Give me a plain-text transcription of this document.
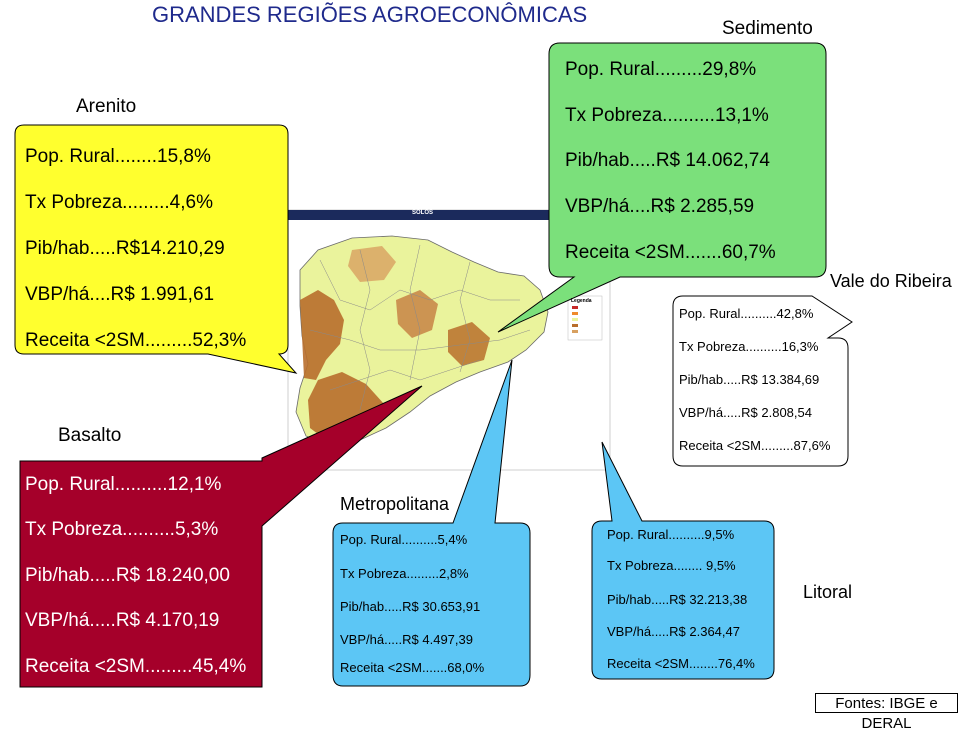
GRANDES REGIÕES AGROECONÔMICAS
SOLOS
Legenda
Arenito
Pop. Rural........15,8%
Tx Pobreza.........4,6%
Pib/hab.....R$14.210,29
VBP/há....R$ 1.991,61
Receita <2SM.........52,3%
Sedimento
Pop. Rural.........29,8%
Tx Pobreza..........13,1%
Pib/hab.....R$ 14.062,74
VBP/há....R$ 2.285,59
Receita <2SM.......60,7%
Vale do Ribeira
Pop. Rural..........42,8%
Tx Pobreza..........16,3%
Pib/hab.....R$ 13.384,69
VBP/há.....R$ 2.808,54
Receita <2SM.........87,6%
Basalto
Pop. Rural..........12,1%
Tx Pobreza..........5,3%
Pib/hab.....R$ 18.240,00
VBP/há.....R$ 4.170,19
Receita <2SM.........45,4%
Metropolitana
Pop. Rural..........5,4%
Tx Pobreza.........2,8%
Pib/hab.....R$ 30.653,91
VBP/há.....R$ 4.497,39
Receita <2SM.......68,0%
Litoral
Pop. Rural..........9,5%
Tx Pobreza........ 9,5%
Pib/hab.....R$ 32.213,38
VBP/há.....R$ 2.364,47
Receita <2SM........76,4%
Fontes: IBGE e DERAL
